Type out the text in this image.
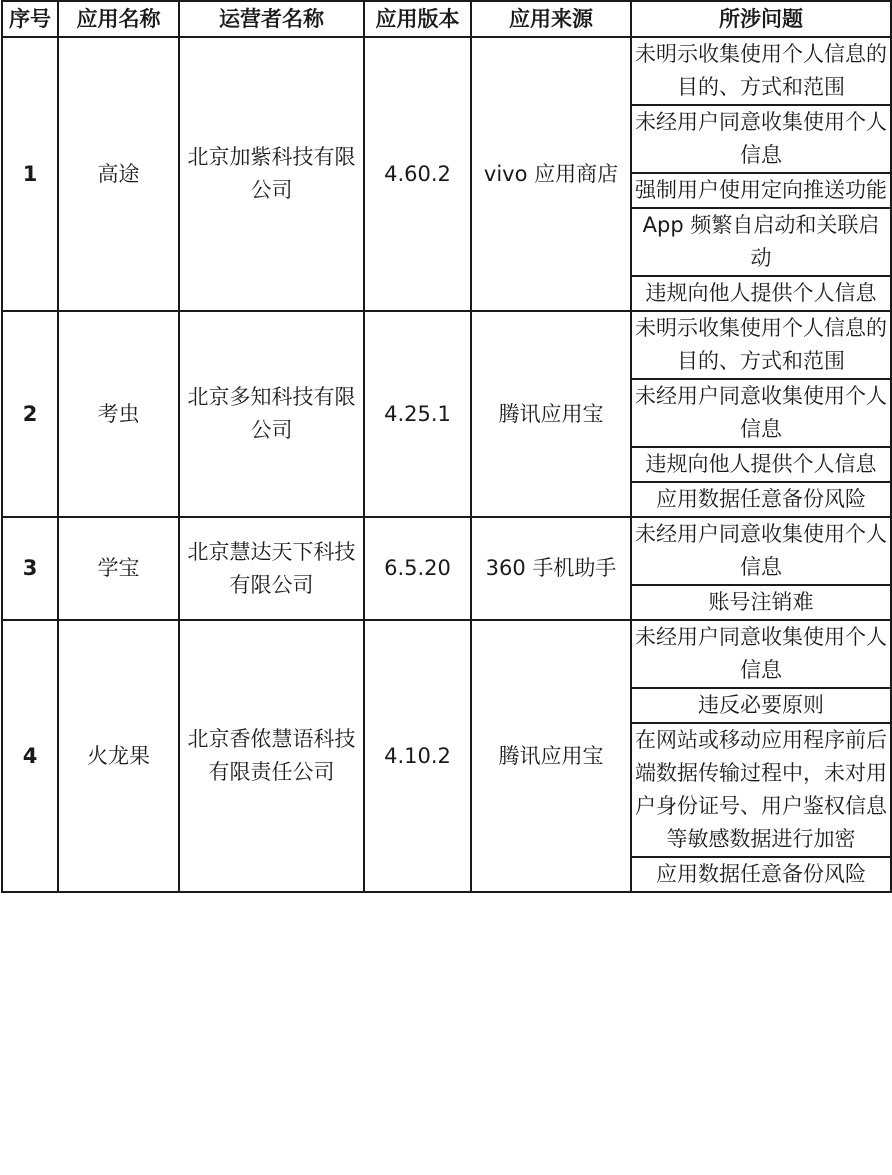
序号	应用名称	运营者名称	应用版本	应用来源	所涉问题
1	高途	北京加紫科技有限公司	4.60.2	vivo 应用商店	未明示收集使用个人信息的目的、方式和范围
					未经用户同意收集使用个人信息
					强制用户使用定向推送功能
					App 频繁自启动和关联启动
					违规向他人提供个人信息
2	考虫	北京多知科技有限公司	4.25.1	腾讯应用宝	未明示收集使用个人信息的目的、方式和范围
					未经用户同意收集使用个人信息
					违规向他人提供个人信息
					应用数据任意备份风险
3	学宝	北京慧达天下科技有限公司	6.5.20	360 手机助手	未经用户同意收集使用个人信息
					账号注销难
4	火龙果	北京香侬慧语科技有限责任公司	4.10.2	腾讯应用宝	未经用户同意收集使用个人信息
					违反必要原则
					在网站或移动应用程序前后端数据传输过程中，未对用户身份证号、用户鉴权信息等敏感数据进行加密
					应用数据任意备份风险
